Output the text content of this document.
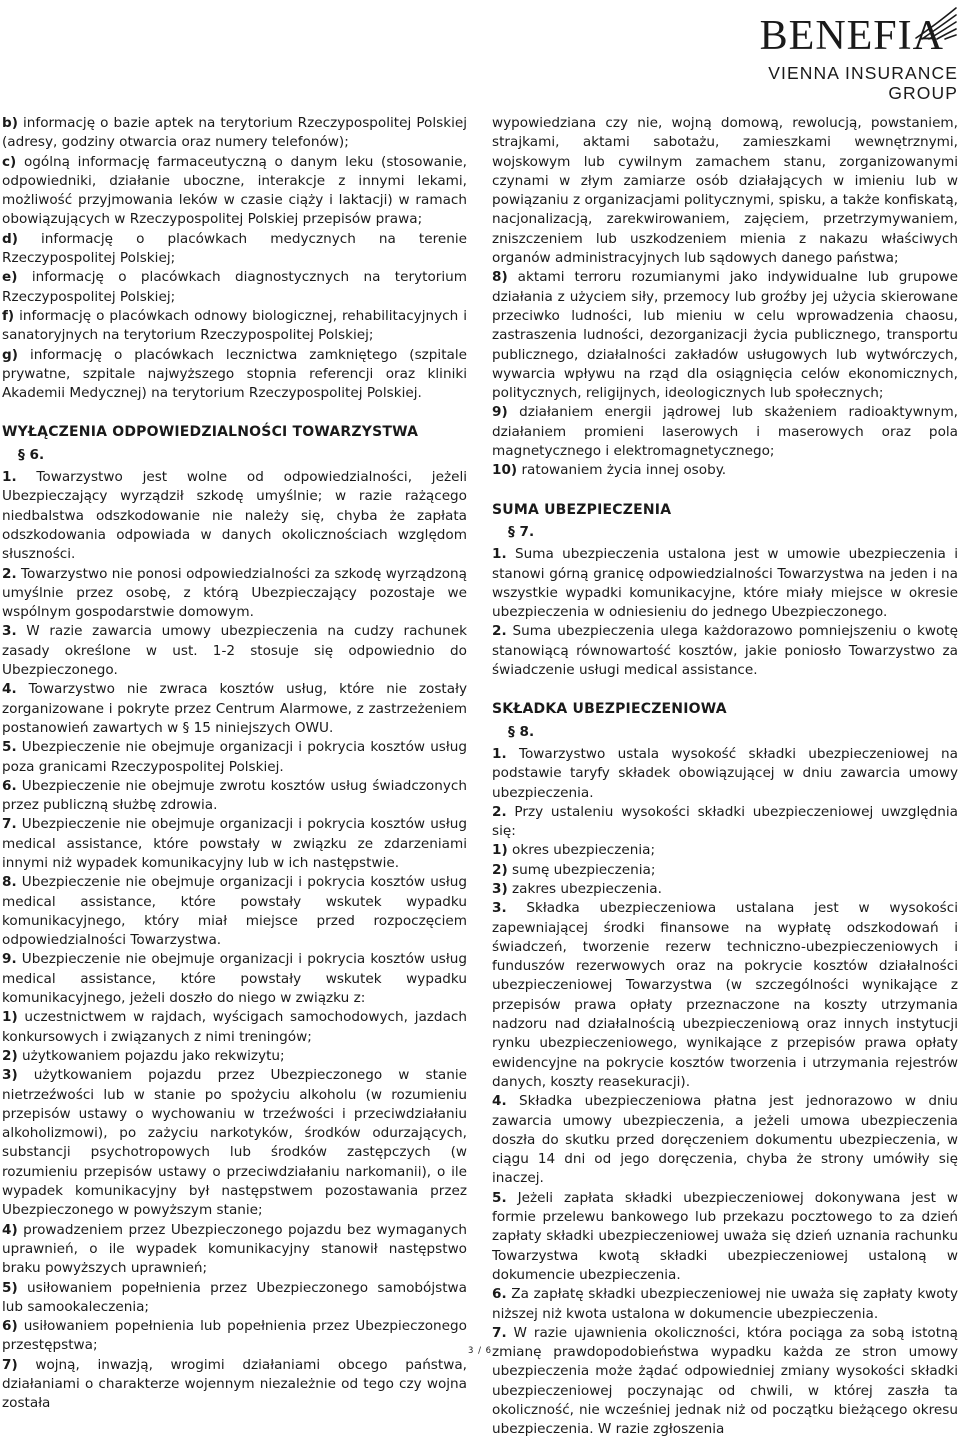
BENEFIA
VIENNA INSURANCE GROUP

b) informację o bazie aptek na terytorium Rzeczypospolitej Polskiej (adresy, godziny otwarcia oraz numery telefonów);

c) ogólną informację farmaceutyczną o danym leku (stosowanie, odpowiedniki, działanie uboczne, interakcje z innymi lekami, możliwość przyjmowania leków w czasie ciąży i laktacji) w ramach obowiązujących w Rzeczypospolitej Polskiej przepisów prawa;

d) informację o placówkach medycznych na terenie Rzeczypospolitej Polskiej;

e) informację o placówkach diagnostycznych na terytorium Rzeczypospolitej Polskiej;

f) informację o placówkach odnowy biologicznej, rehabilitacyjnych i sanatoryjnych na terytorium Rzeczypospolitej Polskiej;

g) informację o placówkach lecznictwa zamkniętego (szpitale prywatne, szpitale najwyższego stopnia referencji oraz kliniki Akademii Medycznej) na terytorium Rzeczypospolitej Polskiej.

WYŁĄCZENIA ODPOWIEDZIALNOŚCI TOWARZYSTWA

§ 6.

1. Towarzystwo jest wolne od odpowiedzialności, jeżeli Ubezpieczający wyrządził szkodę umyślnie; w razie rażącego niedbalstwa odszkodowanie nie należy się, chyba że zapłata odszkodowania odpowiada w danych okolicznościach względom słuszności.

2. Towarzystwo nie ponosi odpowiedzialności za szkodę wyrządzoną umyślnie przez osobę, z którą Ubezpieczający pozostaje we wspólnym gospodarstwie domowym.

3. W razie zawarcia umowy ubezpieczenia na cudzy rachunek zasady określone w ust. 1-2 stosuje się odpowiednio do Ubezpieczonego.

4. Towarzystwo nie zwraca kosztów usług, które nie zostały zorganizowane i pokryte przez Centrum Alarmowe, z zastrzeżeniem postanowień zawartych w § 15 niniejszych OWU.

5. Ubezpieczenie nie obejmuje organizacji i pokrycia kosztów usług poza granicami Rzeczypospolitej Polskiej.

6. Ubezpieczenie nie obejmuje zwrotu kosztów usług świadczonych przez publiczną służbę zdrowia.

7. Ubezpieczenie nie obejmuje organizacji i pokrycia kosztów usług medical assistance, które powstały w związku ze zdarzeniami innymi niż wypadek komunikacyjny lub w ich następstwie.

8. Ubezpieczenie nie obejmuje organizacji i pokrycia kosztów usług medical assistance, które powstały wskutek wypadku komunikacyjnego, który miał miejsce przed rozpoczęciem odpowiedzialności Towarzystwa.

9. Ubezpieczenie nie obejmuje organizacji i pokrycia kosztów usług medical assistance, które powstały wskutek wypadku komunikacyjnego, jeżeli doszło do niego w związku z:

1) uczestnictwem w rajdach, wyścigach samochodowych, jazdach konkursowych i związanych z nimi treningów;

2) użytkowaniem pojazdu jako rekwizytu;

3) użytkowaniem pojazdu przez Ubezpieczonego w stanie nietrzeźwości lub w stanie po spożyciu alkoholu (w rozumieniu przepisów ustawy o wychowaniu w trzeźwości i przeciwdziałaniu alkoholizmowi), po zażyciu narkotyków, środków odurzających, substancji psychotropowych lub środków zastępczych (w rozumieniu przepisów ustawy o przeciwdziałaniu narkomanii), o ile wypadek komunikacyjny był następstwem pozostawania przez Ubezpieczonego w powyższym stanie;

4) prowadzeniem przez Ubezpieczonego pojazdu bez wymaganych uprawnień, o ile wypadek komunikacyjny stanowił następstwo braku powyższych uprawnień;

5) usiłowaniem popełnienia przez Ubezpieczonego samobójstwa lub samookaleczenia;

6) usiłowaniem popełnienia lub popełnienia przez Ubezpieczonego przestępstwa;

7) wojną, inwazją, wrogimi działaniami obcego państwa, działaniami o charakterze wojennym niezależnie od tego czy wojna została

wypowiedziana czy nie, wojną domową, rewolucją, powstaniem, strajkami, aktami sabotażu, zamieszkami wewnętrznymi, wojskowym lub cywilnym zamachem stanu, zorganizowanymi czynami w złym zamiarze osób działających w imieniu lub w powiązaniu z organizacjami politycznymi, spisku, a także konfiskatą, nacjonalizacją, zarekwirowaniem, zajęciem, przetrzymywaniem, zniszczeniem lub uszkodzeniem mienia z nakazu właściwych organów administracyjnych lub sądowych danego państwa;

8) aktami terroru rozumianymi jako indywidualne lub grupowe działania z użyciem siły, przemocy lub groźby jej użycia skierowane przeciwko ludności, lub mieniu w celu wprowadzenia chaosu, zastraszenia ludności, dezorganizacji życia publicznego, transportu publicznego, działalności zakładów usługowych lub wytwórczych, wywarcia wpływu na rząd dla osiągnięcia celów ekonomicznych, politycznych, religijnych, ideologicznych lub społecznych;

9) działaniem energii jądrowej lub skażeniem radioaktywnym, działaniem promieni laserowych i maserowych oraz pola magnetycznego i elektromagnetycznego;

10) ratowaniem życia innej osoby.

SUMA UBEZPIECZENIA

§ 7.

1. Suma ubezpieczenia ustalona jest w umowie ubezpieczenia i stanowi górną granicę odpowiedzialności Towarzystwa na jeden i na wszystkie wypadki komunikacyjne, które miały miejsce w okresie ubezpieczenia w odniesieniu do jednego Ubezpieczonego.

2. Suma ubezpieczenia ulega każdorazowo pomniejszeniu o kwotę stanowiącą równowartość kosztów, jakie poniosło Towarzystwo za świadczenie usługi medical assistance.

SKŁADKA UBEZPIECZENIOWA

§ 8.

1. Towarzystwo ustala wysokość składki ubezpieczeniowej na podstawie taryfy składek obowiązującej w dniu zawarcia umowy ubezpieczenia.

2. Przy ustaleniu wysokości składki ubezpieczeniowej uwzględnia się:

1) okres ubezpieczenia;

2) sumę ubezpieczenia;

3) zakres ubezpieczenia.

3. Składka ubezpieczeniowa ustalana jest w wysokości zapewniającej środki finansowe na wypłatę odszkodowań i świadczeń, tworzenie rezerw techniczno-ubezpieczeniowych i funduszów rezerwowych oraz na pokrycie kosztów działalności ubezpieczeniowej Towarzystwa (w szczególności wynikające z przepisów prawa opłaty przeznaczone na koszty utrzymania nadzoru nad działalnością ubezpieczeniową oraz innych instytucji rynku ubezpieczeniowego, wynikające z przepisów prawa opłaty ewidencyjne na pokrycie kosztów tworzenia i utrzymania rejestrów danych, koszty reasekuracji).

4. Składka ubezpieczeniowa płatna jest jednorazowo w dniu zawarcia umowy ubezpieczenia, a jeżeli umowa ubezpieczenia doszła do skutku przed doręczeniem dokumentu ubezpieczenia, w ciągu 14 dni od jego doręczenia, chyba że strony umówiły się inaczej.

5. Jeżeli zapłata składki ubezpieczeniowej dokonywana jest w formie przelewu bankowego lub przekazu pocztowego to za dzień zapłaty składki ubezpieczeniowej uważa się dzień uznania rachunku Towarzystwa kwotą składki ubezpieczeniowej ustaloną w dokumencie ubezpieczenia.

6. Za zapłatę składki ubezpieczeniowej nie uważa się zapłaty kwoty niższej niż kwota ustalona w dokumencie ubezpieczenia.

7. W razie ujawnienia okoliczności, która pociąga za sobą istotną zmianę prawdopodobieństwa wypadku każda ze stron umowy ubezpieczenia może żądać odpowiedniej zmiany wysokości składki ubezpieczeniowej poczynając od chwili, w której zaszła ta okoliczność, nie wcześniej jednak niż od początku bieżącego okresu ubezpieczenia. W razie zgłoszenia

3 / 6
